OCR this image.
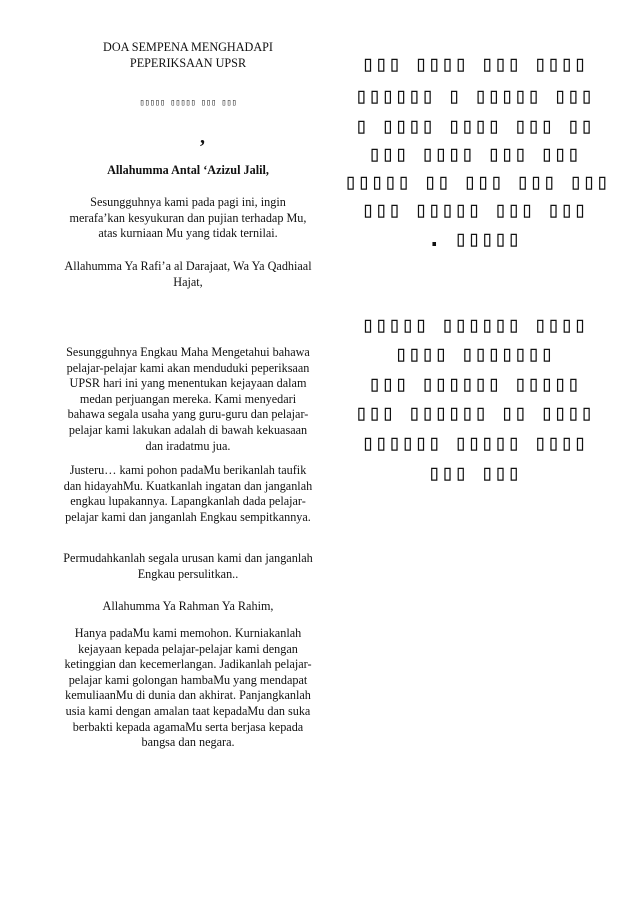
DOA SEMPENA MENGHADAPI

PEPERIKSAAN UPSR

▯▯▯▯▯ ▯▯▯▯▯ ▯▯▯ ▯▯▯

Allahumma Antal ‘Azizul Jalil,

Sesungguhnya kami pada pagi ini, ingin merafa’kan kesyukuran dan pujian terhadap Mu, atas kurniaan Mu yang tidak ternilai.

Allahumma Ya Rafi’a al Darajaat, Wa Ya Qadhiaal Hajat,

Sesungguhnya Engkau Maha Mengetahui bahawa pelajar-pelajar kami akan menduduki peperiksaan UPSR hari ini yang menentukan kejayaan dalam medan perjuangan mereka. Kami menyedari bahawa segala usaha yang guru-guru dan pelajar-pelajar kami lakukan adalah di bawah kekuasaan dan iradatmu jua.

Justeru… kami pohon padaMu berikanlah taufik dan hidayahMu. Kuatkanlah ingatan dan janganlah engkau lupakannya. Lapangkanlah dada pelajar-pelajar kami dan janganlah Engkau sempitkannya.

Permudahkanlah segala urusan kami dan janganlah Engkau persulitkan..

Allahumma Ya Rahman Ya Rahim,

Hanya padaMu kami memohon. Kurniakanlah kejayaan kepada pelajar-pelajar kami dengan ketinggian dan kecemerlangan. Jadikanlah pelajar-pelajar kami golongan hambaMu yang mendapat kemuliaanMu di dunia dan akhirat. Panjangkanlah usia kami dengan amalan taat kepadaMu dan suka berbakti kepada agamaMu serta berjasa kepada bangsa dan negara.

,
▯▯▯ ▯▯▯▯ ▯▯▯ ▯▯▯▯
▯▯▯▯▯▯ ▯ ▯▯▯▯▯ ▯▯▯
▯ ▯▯▯▯ ▯▯▯▯ ▯▯▯ ▯▯
▯▯▯ ▯▯▯▯ ▯▯▯ ▯▯▯
▯▯▯▯▯ ▯▯ ▯▯▯ ▯▯▯ ▯▯▯
▯▯▯ ▯▯▯▯▯ ▯▯▯ ▯▯▯
. ▯▯▯▯▯
▯▯▯▯▯ ▯▯▯▯▯▯ ▯▯▯▯
▯▯▯▯ ▯▯▯▯▯▯▯
▯▯▯ ▯▯▯▯▯▯ ▯▯▯▯▯
▯▯▯ ▯▯▯▯▯▯ ▯▯ ▯▯▯▯
▯▯▯▯▯▯ ▯▯▯▯▯ ▯▯▯▯
▯▯▯ ▯▯▯
